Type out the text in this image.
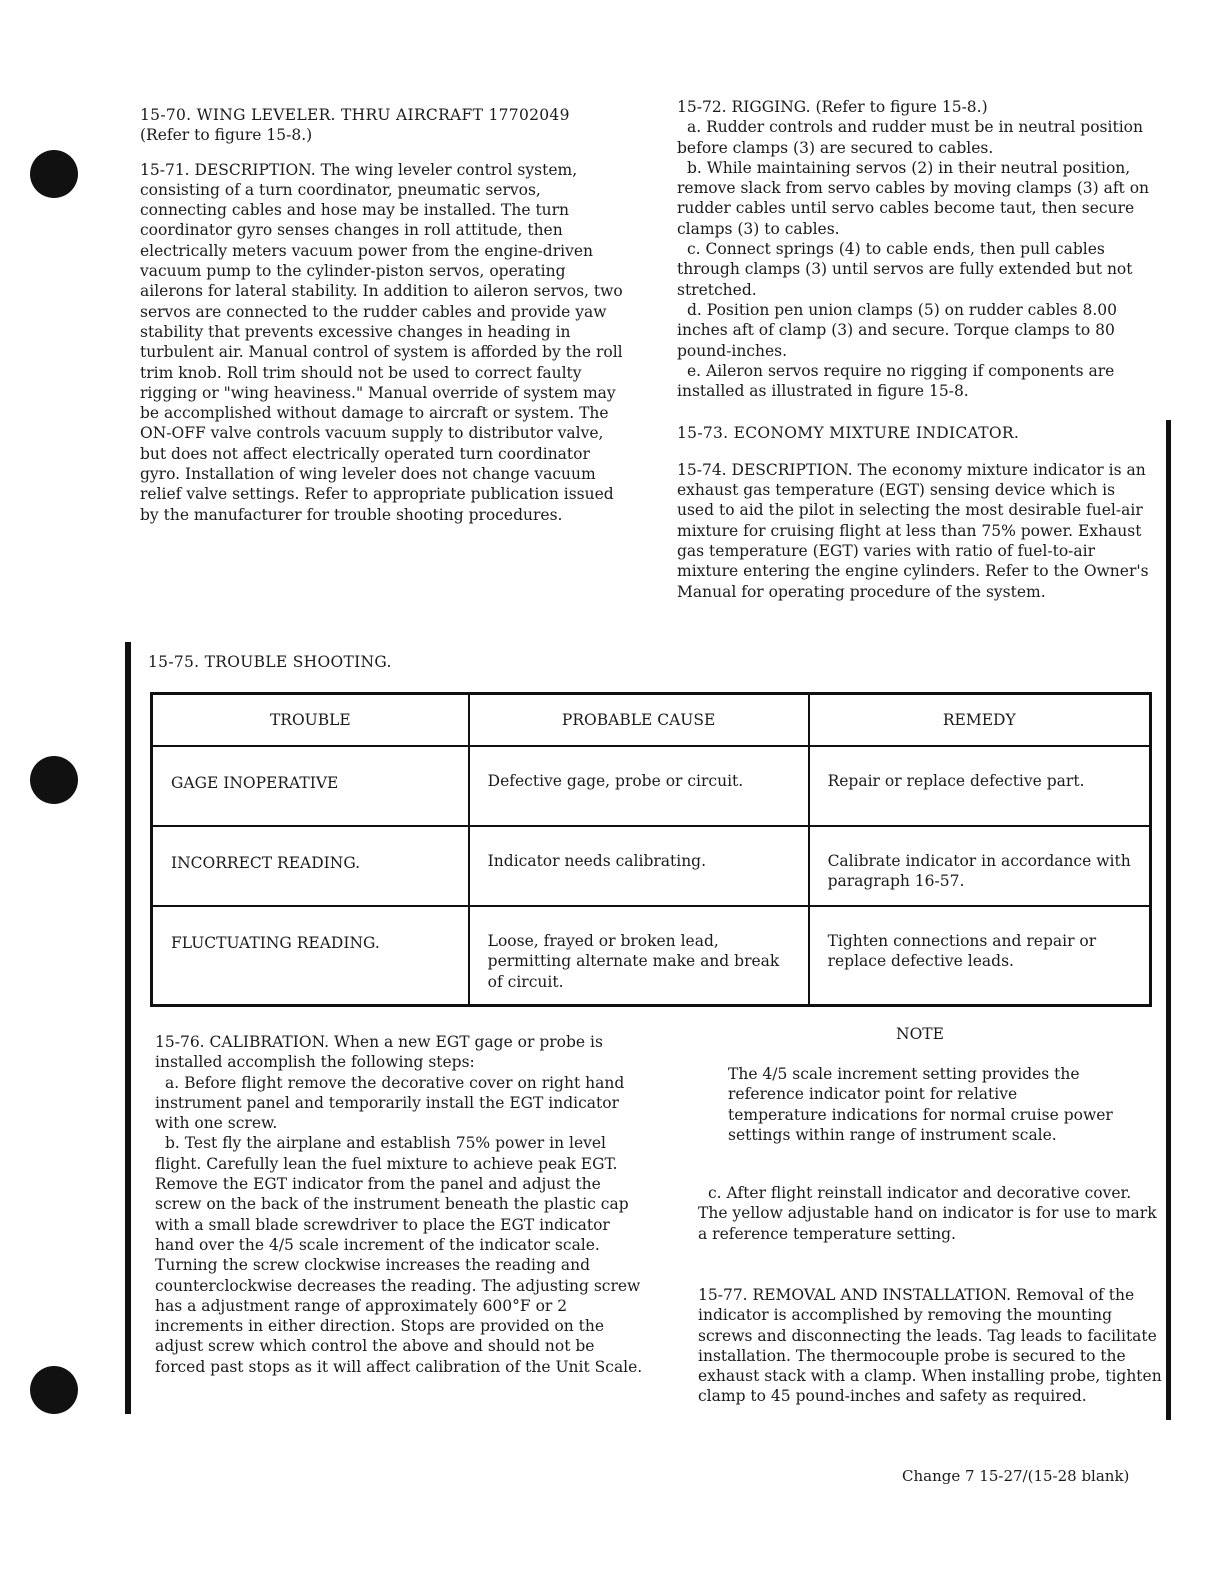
15-70. WING LEVELER. THRU AIRCRAFT 17702049

(Refer to figure 15-8.)

15-71. DESCRIPTION. The wing leveler control system, consisting of a turn coordinator, pneumatic servos, connecting cables and hose may be installed. The turn coordinator gyro senses changes in roll attitude, then electrically meters vacuum power from the engine-driven vacuum pump to the cylinder-piston servos, operating ailerons for lateral stability. In addition to aileron servos, two servos are connected to the rudder cables and provide yaw stability that prevents excessive changes in heading in turbulent air. Manual control of system is afforded by the roll trim knob. Roll trim should not be used to correct faulty rigging or "wing heaviness." Manual override of system may be accomplished without damage to aircraft or system. The ON-OFF valve controls vacuum supply to distributor valve, but does not affect electrically operated turn coordinator gyro. Installation of wing leveler does not change vacuum relief valve settings. Refer to appropriate publication issued by the manufacturer for trouble shooting procedures.

15-72. RIGGING. (Refer to figure 15-8.)
a. Rudder controls and rudder must be in neutral position before clamps (3) are secured to cables.
b. While maintaining servos (2) in their neutral position, remove slack from servo cables by moving clamps (3) aft on rudder cables until servo cables become taut, then secure clamps (3) to cables.
c. Connect springs (4) to cable ends, then pull cables through clamps (3) until servos are fully extended but not stretched.
d. Position pen union clamps (5) on rudder cables 8.00 inches aft of clamp (3) and secure. Torque clamps to 80 pound-inches.
e. Aileron servos require no rigging if components are installed as illustrated in figure 15-8.

15-73. ECONOMY MIXTURE INDICATOR.

15-74. DESCRIPTION. The economy mixture indicator is an exhaust gas temperature (EGT) sensing device which is used to aid the pilot in selecting the most desirable fuel-air mixture for cruising flight at less than 75% power. Exhaust gas temperature (EGT) varies with ratio of fuel-to-air mixture entering the engine cylinders. Refer to the Owner's Manual for operating procedure of the system.

15-75. TROUBLE SHOOTING.
TROUBLE	PROBABLE CAUSE	REMEDY
GAGE INOPERATIVE	Defective gage, probe or circuit.	Repair or replace defective part.
INCORRECT READING.	Indicator needs calibrating.	Calibrate indicator in accordance with paragraph 16-57.
FLUCTUATING READING.	Loose, frayed or broken lead, permitting alternate make and break of circuit.	Tighten connections and repair or replace defective leads.
15-76. CALIBRATION. When a new EGT gage or probe is installed accomplish the following steps:
a. Before flight remove the decorative cover on right hand instrument panel and temporarily install the EGT indicator with one screw.
b. Test fly the airplane and establish 75% power in level flight. Carefully lean the fuel mixture to achieve peak EGT. Remove the EGT indicator from the panel and adjust the screw on the back of the instrument beneath the plastic cap with a small blade screwdriver to place the EGT indicator hand over the 4/5 scale increment of the indicator scale. Turning the screw clockwise increases the reading and counterclockwise decreases the reading. The adjusting screw has a adjustment range of approximately 600°F or 2 increments in either direction. Stops are provided on the adjust screw which control the above and should not be forced past stops as it will affect calibration of the Unit Scale.
NOTE
The 4/5 scale increment setting provides the reference indicator point for relative temperature indications for normal cruise power settings within range of instrument scale.
c. After flight reinstall indicator and decorative cover.

The yellow adjustable hand on indicator is for use to mark a reference temperature setting.

15-77. REMOVAL AND INSTALLATION. Removal of the indicator is accomplished by removing the mounting screws and disconnecting the leads. Tag leads to facilitate installation. The thermocouple probe is secured to the exhaust stack with a clamp. When installing probe, tighten clamp to 45 pound-inches and safety as required.
Change 7 15-27/(15-28 blank)
